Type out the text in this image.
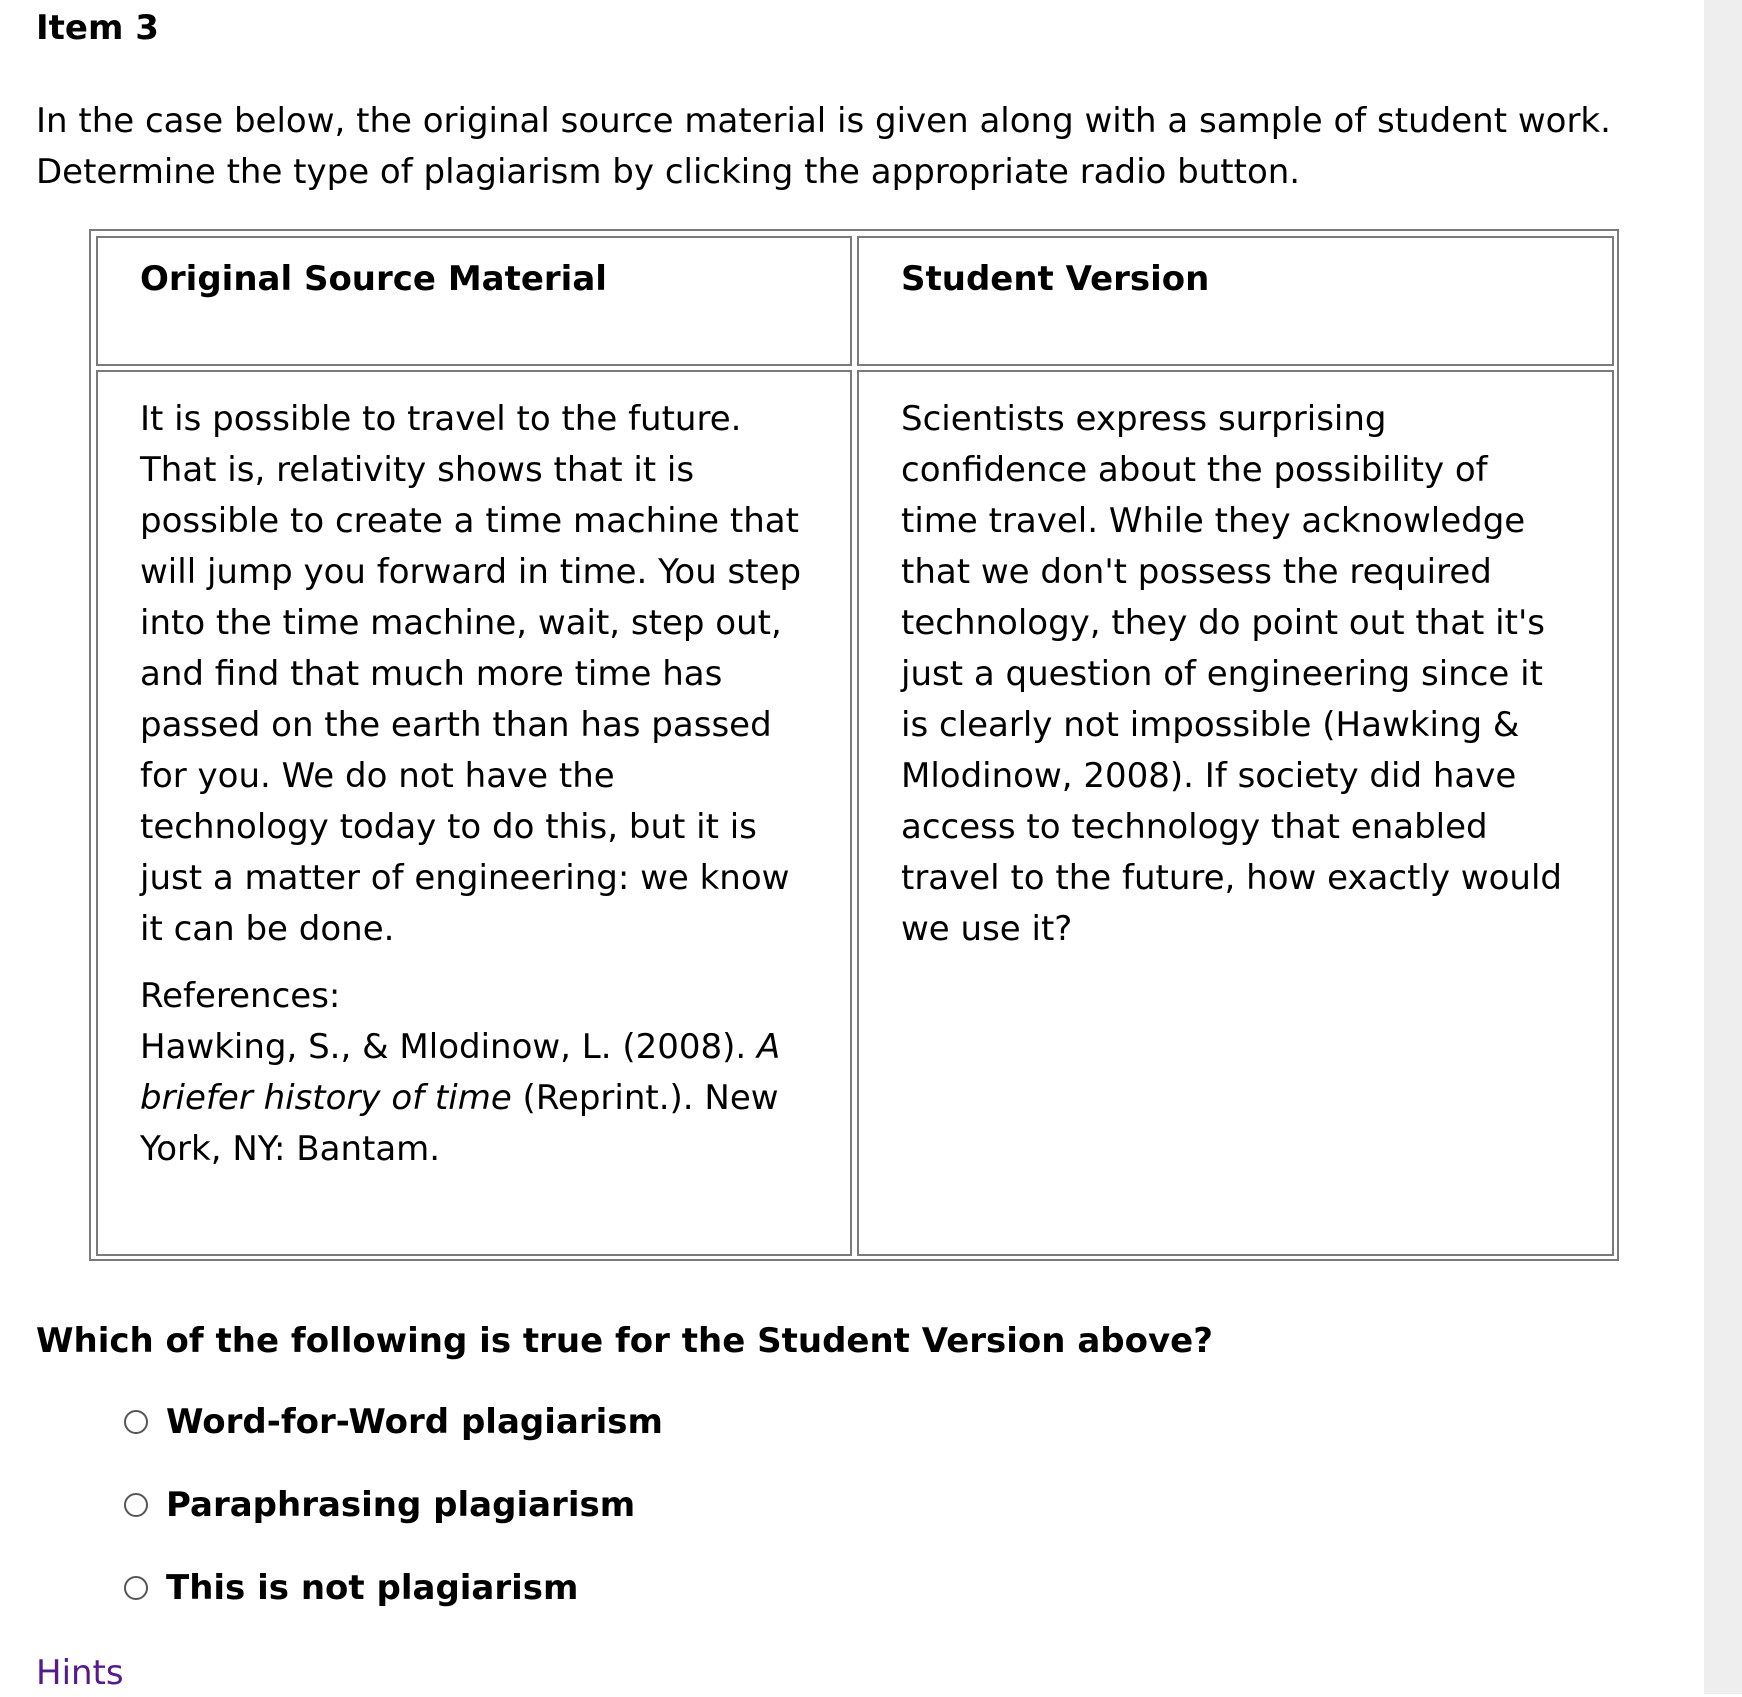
Item 3
In the case below, the original source material is given along with a sample of student work.
Determine the type of plagiarism by clicking the appropriate radio button.
Original Source Material	Student Version

It is possible to travel to the future. That is, relativity shows that it is possible to create a time machine that will jump you forward in time. You step into the time machine, wait, step out, and find that much more time has passed on the earth than has passed for you. We do not have the technology today to do this, but it is just a matter of engineering: we know it can be done.

References:
Hawking, S., & Mlodinow, L. (2008). A briefer history of time (Reprint.). New York, NY: Bantam.

Scientists express surprising confidence about the possibility of time travel. While they acknowledge that we don't possess the required technology, they do point out that it's just a question of engineering since it is clearly not impossible (Hawking & Mlodinow, 2008). If society did have access to technology that enabled travel to the future, how exactly would we use it?

Which of the following is true for the Student Version above?
Word-for-Word plagiarism
Paraphrasing plagiarism
This is not plagiarism
Hints
